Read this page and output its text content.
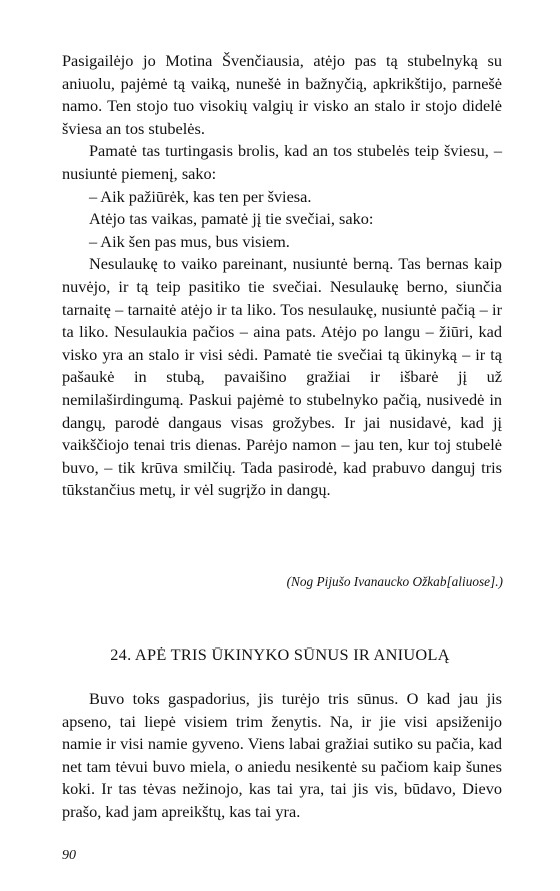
Pasigailėjo jo Motina Švenčiausia, atėjo pas tą stubelnyką su aniuolu, pajėmė tą vaiką, nunešė in bažnyčią, apkrikštijo, parnešė namo. Ten stojo tuo visokių valgių ir visko an stalo ir stojo didelė šviesa an tos stubelės.

Pamatė tas turtingasis brolis, kad an tos stubelės teip šviesu, – nusiuntė piemenį, sako:

– Aik pažiūrėk, kas ten per šviesa.

Atėjo tas vaikas, pamatė jį tie svečiai, sako:

– Aik šen pas mus, bus visiem.

Nesulaukę to vaiko pareinant, nusiuntė berną. Tas bernas kaip nuvėjo, ir tą teip pasitiko tie svečiai. Nesulaukę berno, siunčia tarnaitę – tarnaitė atėjo ir ta liko. Tos nesulaukę, nusiuntė pačią – ir ta liko. Nesulaukia pačios – aina pats. Atėjo po langu – žiūri, kad visko yra an stalo ir visi sėdi. Pamatė tie svečiai tą ūkinyką – ir tą pašaukė in stubą, pavaišino gražiai ir išbarė jį už nemilaširdingumą. Paskui pajėmė to stubelnyko pačią, nusivedė in dangų, parodė dangaus visas grožybes. Ir jai nusidavė, kad jį vaikščiojo tenai tris dienas. Parėjo namon – jau ten, kur toj stubelė buvo, – tik krūva smilčių. Tada pasirodė, kad prabuvo danguj tris tūkstančius metų, ir vėl sugrįžo in dangų.

(Nog Pijušo Ivanaucko Ožkab[aliuose].)
24. APĖ TRIS ŪKINYKO SŪNUS IR ANIUOLĄ

Buvo toks gaspadorius, jis turėjo tris sūnus. O kad jau jis apseno, tai liepė visiem trim ženytis. Na, ir jie visi apsiženijo namie ir visi namie gyveno. Viens labai gražiai sutiko su pačia, kad net tam tėvui buvo miela, o aniedu nesikentė su pačiom kaip šunes koki. Ir tas tėvas nežinojo, kas tai yra, tai jis vis, būdavo, Dievo prašo, kad jam apreikštų, kas tai yra.

90
